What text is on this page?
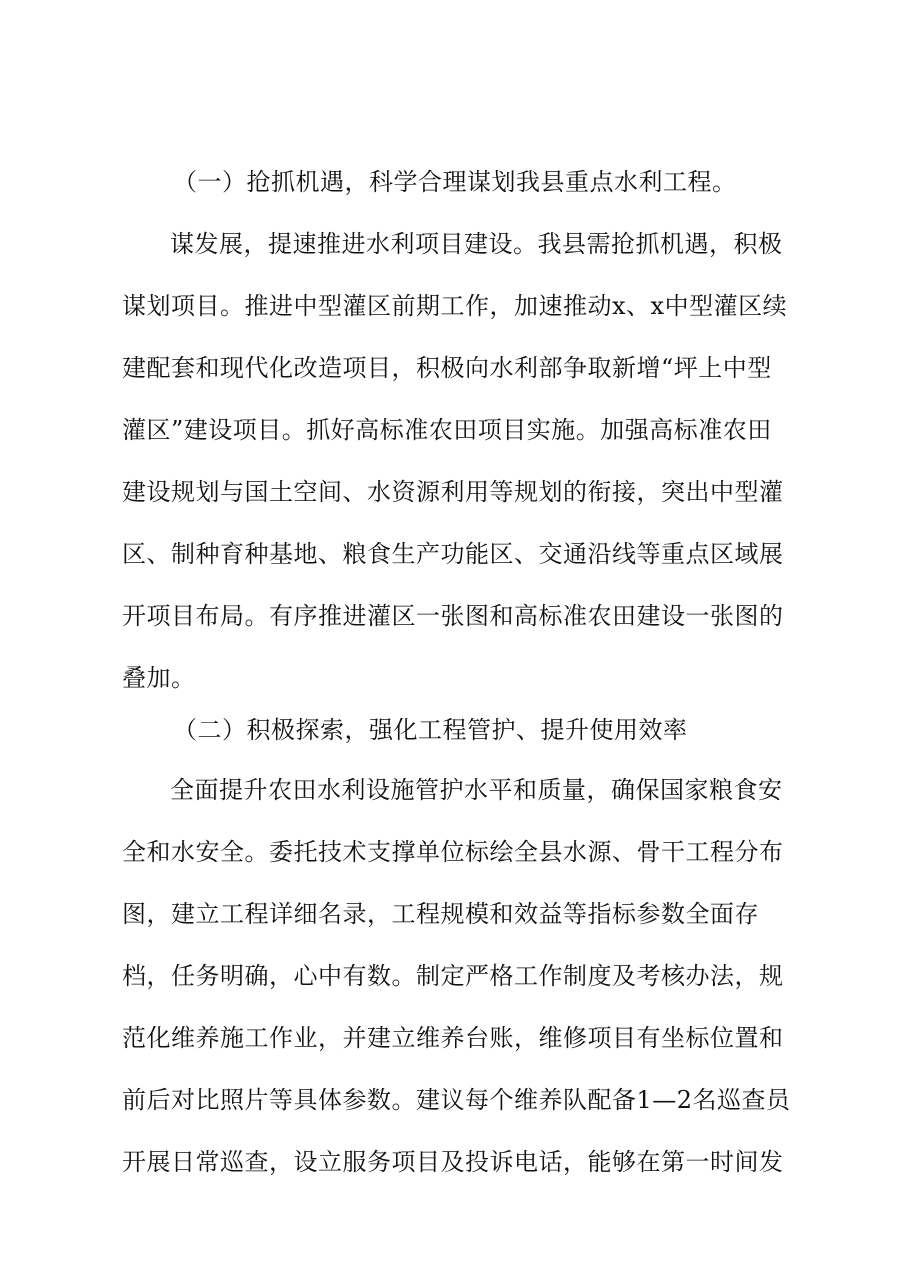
（一）抢抓机遇，科学合理谋划我县重点水利工程。
谋发展，提速推进水利项目建设。我县需抢抓机遇，积极
谋划项目。推进中型灌区前期工作，加速推动x、x中型灌区续
建配套和现代化改造项目，积极向水利部争取新增“坪上中型
灌区”建设项目。抓好高标准农田项目实施。加强高标准农田
建设规划与国土空间、水资源利用等规划的衔接，突出中型灌
区、制种育种基地、粮食生产功能区、交通沿线等重点区域展
开项目布局。有序推进灌区一张图和高标准农田建设一张图的
叠加。
（二）积极探索，强化工程管护、提升使用效率
全面提升农田水利设施管护水平和质量，确保国家粮食安
全和水安全。委托技术支撑单位标绘全县水源、骨干工程分布
图，建立工程详细名录，工程规模和效益等指标参数全面存
档，任务明确，心中有数。制定严格工作制度及考核办法，规
范化维养施工作业，并建立维养台账，维修项目有坐标位置和
前后对比照片等具体参数。建议每个维养队配备1—2名巡查员
开展日常巡查，设立服务项目及投诉电话，能够在第一时间发
